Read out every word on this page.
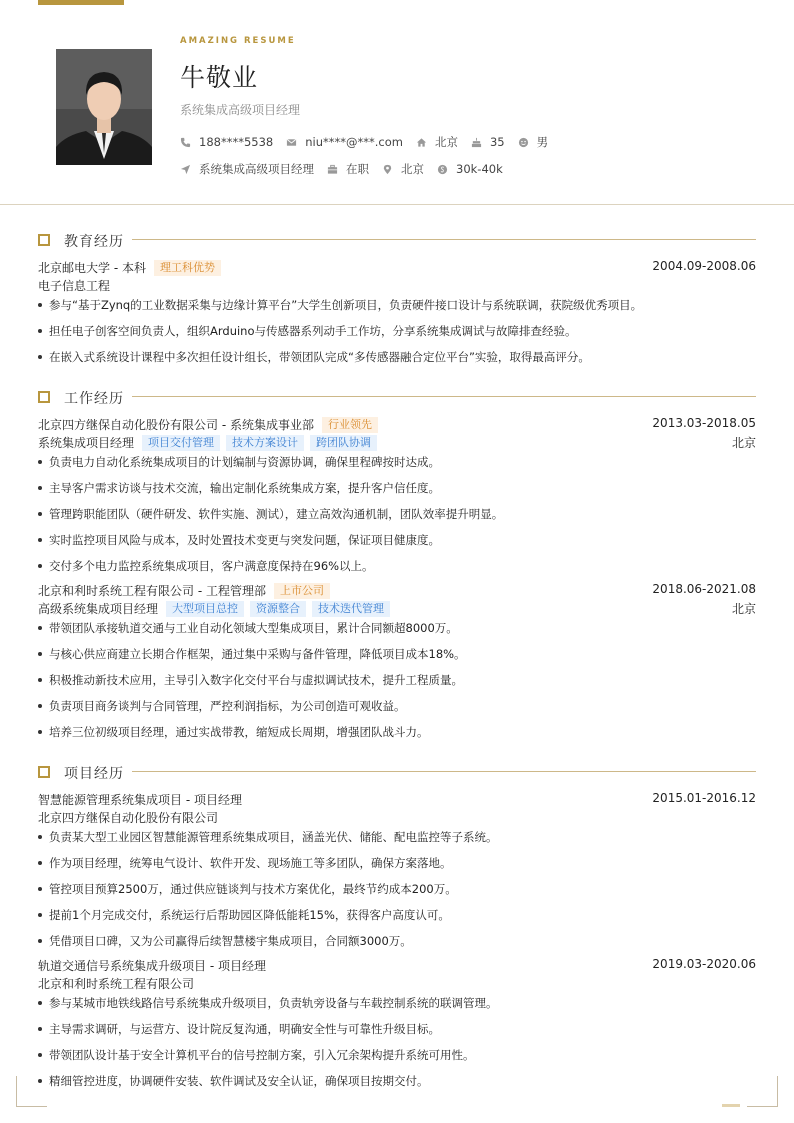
AMAZING RESUME
牛敬业
系统集成高级项目经理
188****5538	niu****@***.com	北京	35	男
系统集成高级项目经理	在职	北京	30k-40k
教育经历
北京邮电大学 - 本科	理工科优势	2004.09-2008.06
电子信息工程
参与“基于Zynq的工业数据采集与边缘计算平台”大学生创新项目，负责硬件接口设计与系统联调，获院级优秀项目。
担任电子创客空间负责人，组织Arduino与传感器系列动手工作坊，分享系统集成调试与故障排查经验。
在嵌入式系统设计课程中多次担任设计组长，带领团队完成“多传感器融合定位平台”实验，取得最高评分。
工作经历
北京四方继保自动化股份有限公司 - 系统集成事业部	行业领先	2013.03-2018.05
系统集成项目经理	项目交付管理	技术方案设计	跨团队协调	北京
负责电力自动化系统集成项目的计划编制与资源协调，确保里程碑按时达成。
主导客户需求访谈与技术交流，输出定制化系统集成方案，提升客户信任度。
管理跨职能团队（硬件研发、软件实施、测试），建立高效沟通机制，团队效率提升明显。
实时监控项目风险与成本，及时处置技术变更与突发问题，保证项目健康度。
交付多个电力监控系统集成项目，客户满意度保持在96%以上。
北京和利时系统工程有限公司 - 工程管理部	上市公司	2018.06-2021.08
高级系统集成项目经理	大型项目总控	资源整合	技术迭代管理	北京
带领团队承接轨道交通与工业自动化领域大型集成项目，累计合同额超8000万。
与核心供应商建立长期合作框架，通过集中采购与备件管理，降低项目成本18%。
积极推动新技术应用，主导引入数字化交付平台与虚拟调试技术，提升工程质量。
负责项目商务谈判与合同管理，严控利润指标，为公司创造可观收益。
培养三位初级项目经理，通过实战带教，缩短成长周期，增强团队战斗力。
项目经历
智慧能源管理系统集成项目 - 项目经理	2015.01-2016.12
北京四方继保自动化股份有限公司
负责某大型工业园区智慧能源管理系统集成项目，涵盖光伏、储能、配电监控等子系统。
作为项目经理，统筹电气设计、软件开发、现场施工等多团队，确保方案落地。
管控项目预算2500万，通过供应链谈判与技术方案优化，最终节约成本200万。
提前1个月完成交付，系统运行后帮助园区降低能耗15%，获得客户高度认可。
凭借项目口碑，又为公司赢得后续智慧楼宇集成项目，合同额3000万。
轨道交通信号系统集成升级项目 - 项目经理	2019.03-2020.06
北京和利时系统工程有限公司
参与某城市地铁线路信号系统集成升级项目，负责轨旁设备与车载控制系统的联调管理。
主导需求调研，与运营方、设计院反复沟通，明确安全性与可靠性升级目标。
带领团队设计基于安全计算机平台的信号控制方案，引入冗余架构提升系统可用性。
精细管控进度，协调硬件安装、软件调试及安全认证，确保项目按期交付。
